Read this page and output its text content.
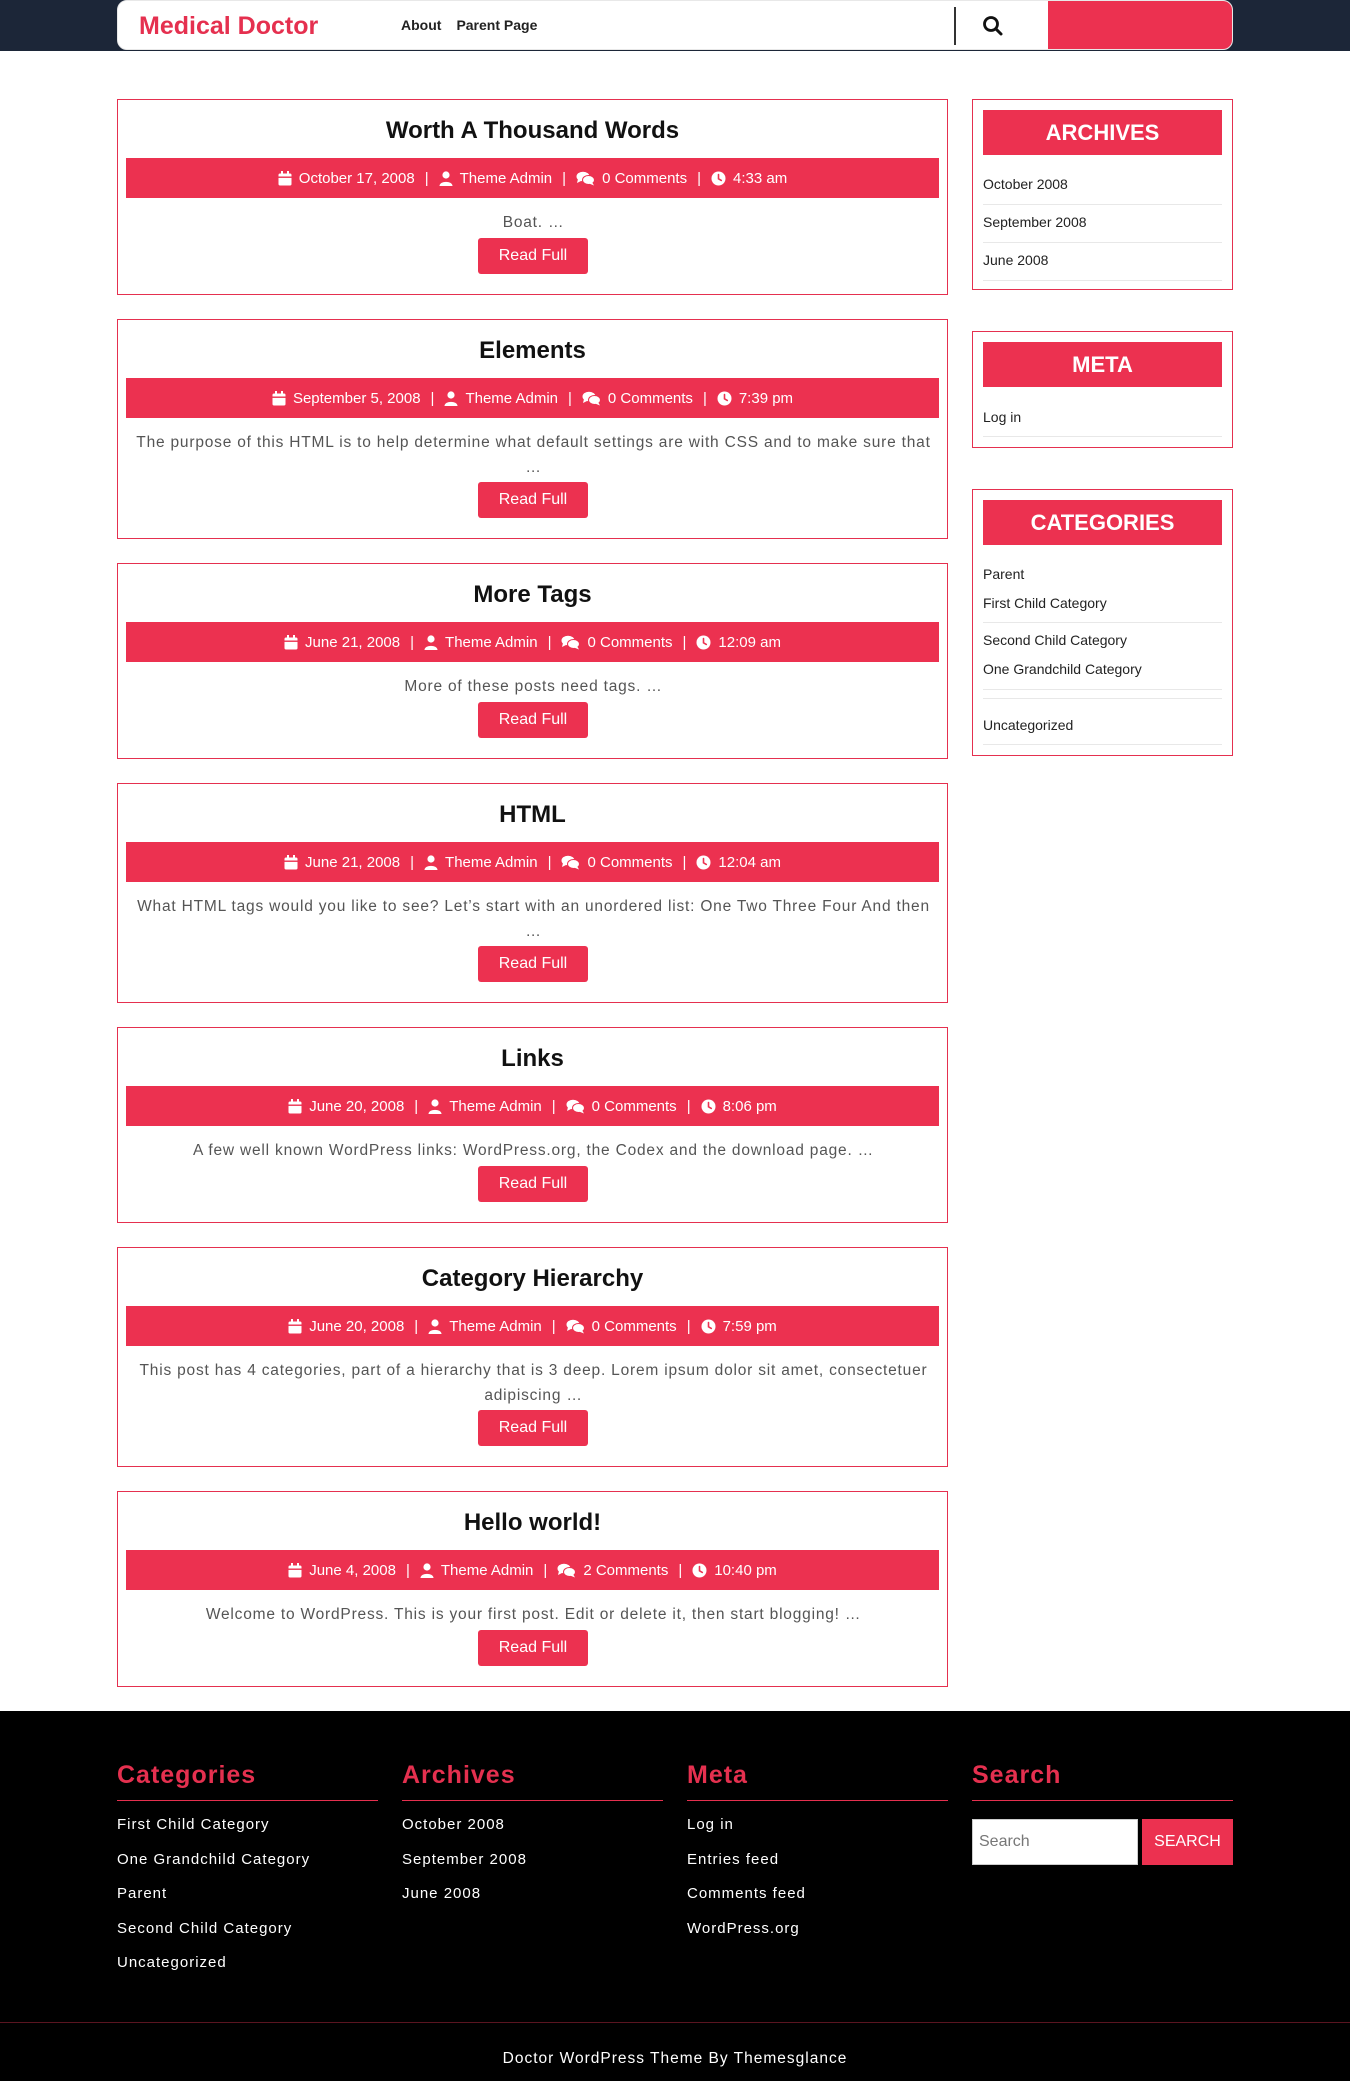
Medical Doctor	About Parent Page
Worth A Thousand Words
October 17, 2008 | Theme Admin | 0 Comments | 4:33 am
Boat. …
Read Full
Elements
September 5, 2008 | Theme Admin | 0 Comments | 7:39 pm
The purpose of this HTML is to help determine what default settings are with CSS and to make sure that …
Read Full
More Tags
June 21, 2008 | Theme Admin | 0 Comments | 12:09 am
More of these posts need tags. …
Read Full
HTML
June 21, 2008 | Theme Admin | 0 Comments | 12:04 am
What HTML tags would you like to see? Let’s start with an unordered list: One Two Three Four And then …
Read Full
Links
June 20, 2008 | Theme Admin | 0 Comments | 8:06 pm
A few well known WordPress links: WordPress.org, the Codex and the download page. …
Read Full
Category Hierarchy
June 20, 2008 | Theme Admin | 0 Comments | 7:59 pm
This post has 4 categories, part of a hierarchy that is 3 deep. Lorem ipsum dolor sit amet, consectetuer adipiscing …
Read Full
Hello world!
June 4, 2008 | Theme Admin | 2 Comments | 10:40 pm
Welcome to WordPress. This is your first post. Edit or delete it, then start blogging! …
Read Full
ARCHIVES
October 2008
September 2008
June 2008
META
Log in
CATEGORIES
Parent
First Child Category
Second Child Category
One Grandchild Category
Uncategorized
Categories
First Child Category
One Grandchild Category
Parent
Second Child Category
Uncategorized
Archives
October 2008
September 2008
June 2008
Meta
Log in
Entries feed
Comments feed
WordPress.org
Search
Search	SEARCH
Doctor WordPress Theme By Themesglance
